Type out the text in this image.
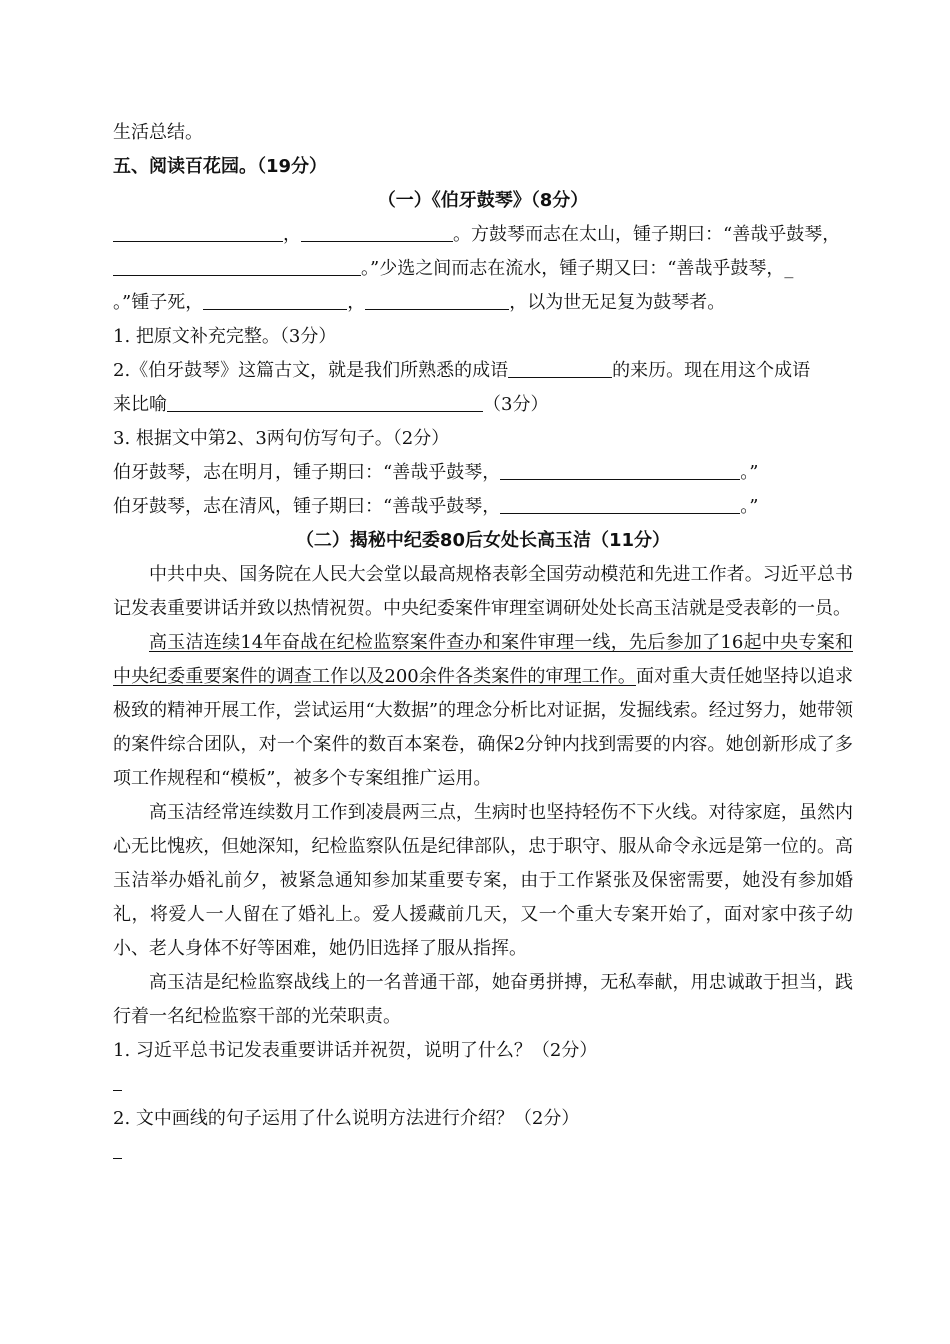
生活总结。
五、阅读百花园。（19分）
（一）《伯牙鼓琴》（8分）
，	。方鼓琴而志在太山，锺子期曰：“善哉乎鼓琴，
。”少选之间而志在流水，锺子期又曰：“善哉乎鼓琴，_
。”锺子死，	，	，以为世无足复为鼓琴者。
1. 把原文补充完整。（3分）
2.《伯牙鼓琴》这篇古文，就是我们所熟悉的成语	的来历。现在用这个成语
来比喻	（3分）
3. 根据文中第2、3两句仿写句子。（2分）
伯牙鼓琴，志在明月，锺子期曰：“善哉乎鼓琴，	。”
伯牙鼓琴，志在清风，锺子期曰：“善哉乎鼓琴，	。”
（二）揭秘中纪委80后女处长高玉洁（11分）
中共中央、国务院在人民大会堂以最高规格表彰全国劳动模范和先进工作者。习近平总书记发表重要讲话并致以热情祝贺。中央纪委案件审理室调研处处长高玉洁就是受表彰的一员。
高玉洁连续14年奋战在纪检监察案件查办和案件审理一线，先后参加了16起中央专案和中央纪委重要案件的调查工作以及200余件各类案件的审理工作。面对重大责任她坚持以追求极致的精神开展工作，尝试运用“大数据”的理念分析比对证据，发掘线索。经过努力，她带领的案件综合团队，对一个案件的数百本案卷，确保2分钟内找到需要的内容。她创新形成了多项工作规程和“模板”，被多个专案组推广运用。
高玉洁经常连续数月工作到凌晨两三点，生病时也坚持轻伤不下火线。对待家庭，虽然内心无比愧疚，但她深知，纪检监察队伍是纪律部队，忠于职守、服从命令永远是第一位的。高玉洁举办婚礼前夕，被紧急通知参加某重要专案，由于工作紧张及保密需要，她没有参加婚礼，将爱人一人留在了婚礼上。爱人援藏前几天，又一个重大专案开始了，面对家中孩子幼小、老人身体不好等困难，她仍旧选择了服从指挥。
高玉洁是纪检监察战线上的一名普通干部，她奋勇拼搏，无私奉献，用忠诚敢于担当，践行着一名纪检监察干部的光荣职责。
1. 习近平总书记发表重要讲话并祝贺，说明了什么？（2分）
2. 文中画线的句子运用了什么说明方法进行介绍？（2分）
